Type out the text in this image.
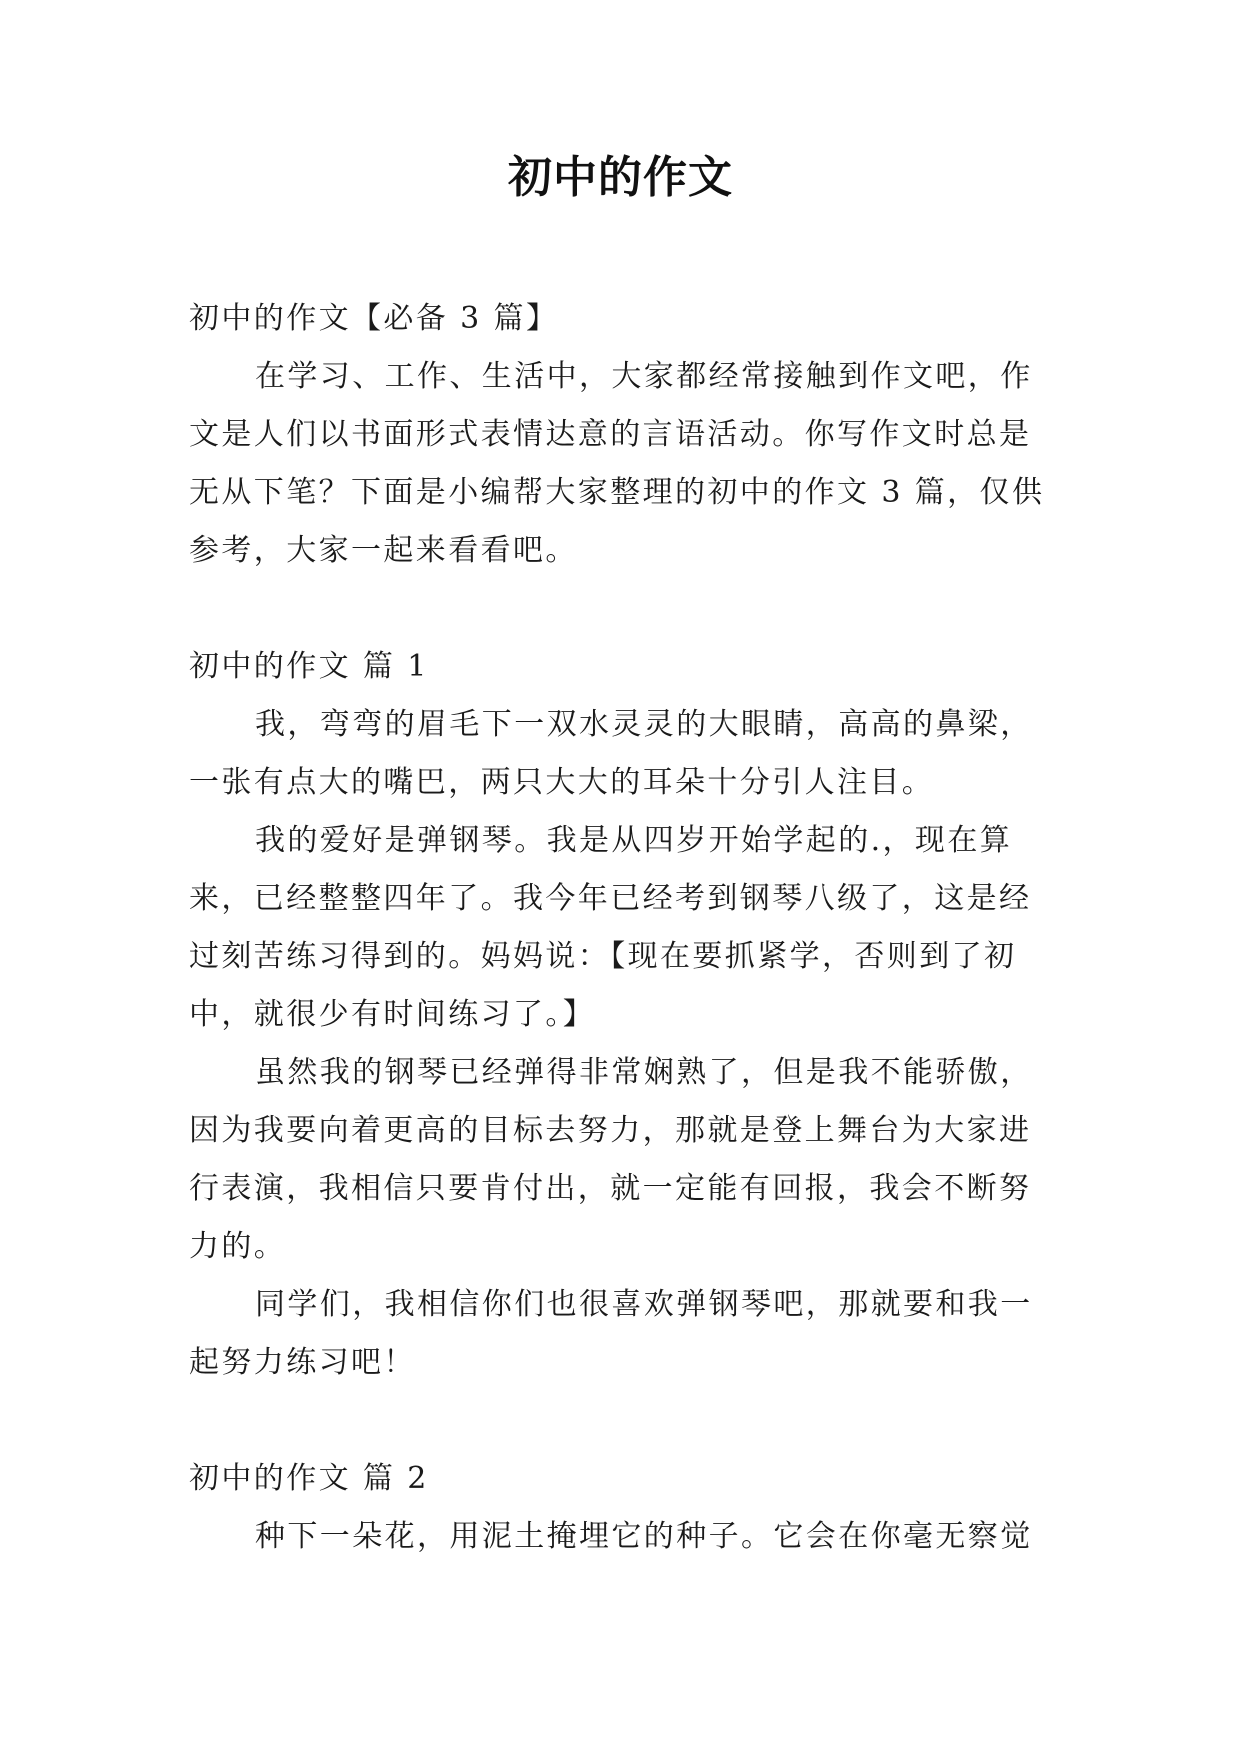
初中的作文

初中的作文【必备 3 篇】

在学习、工作、生活中，大家都经常接触到作文吧，作文是人们以书面形式表情达意的言语活动。你写作文时总是无从下笔？下面是小编帮大家整理的初中的作文 3 篇，仅供参考，大家一起来看看吧。

初中的作文 篇 1

我，弯弯的眉毛下一双水灵灵的大眼睛，高高的鼻梁，一张有点大的嘴巴，两只大大的耳朵十分引人注目。

我的爱好是弹钢琴。我是从四岁开始学起的.，现在算来，已经整整四年了。我今年已经考到钢琴八级了，这是经过刻苦练习得到的。妈妈说：【现在要抓紧学，否则到了初中，就很少有时间练习了。】

虽然我的钢琴已经弹得非常娴熟了，但是我不能骄傲，因为我要向着更高的目标去努力，那就是登上舞台为大家进行表演，我相信只要肯付出，就一定能有回报，我会不断努力的。

同学们，我相信你们也很喜欢弹钢琴吧，那就要和我一起努力练习吧！

初中的作文 篇 2

种下一朵花，用泥土掩埋它的种子。它会在你毫无察觉
